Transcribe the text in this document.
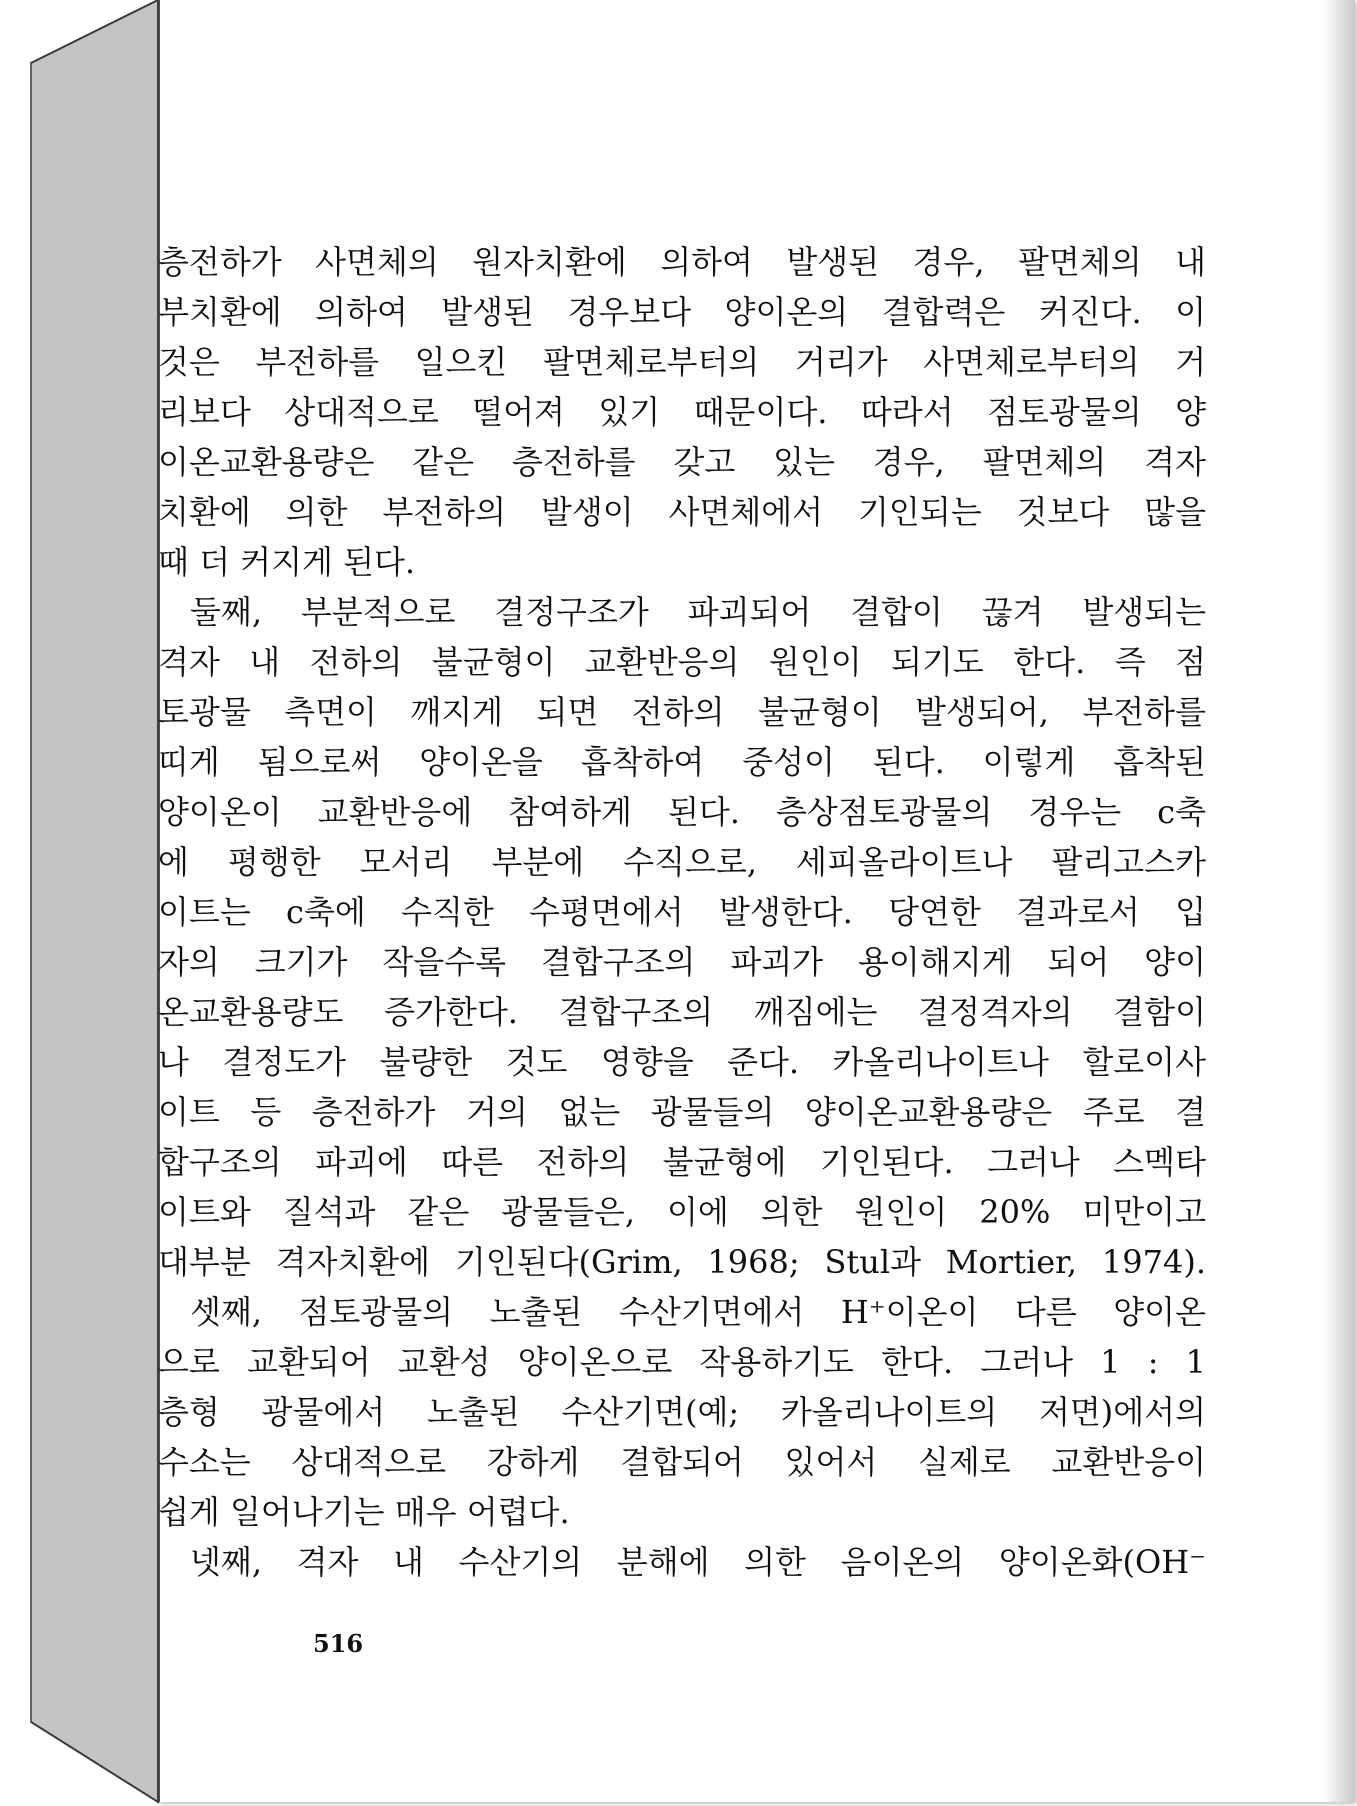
층전하가 사면체의 원자치환에 의하여 발생된 경우, 팔면체의 내
부치환에 의하여 발생된 경우보다 양이온의 결합력은 커진다. 이
것은 부전하를 일으킨 팔면체로부터의 거리가 사면체로부터의 거
리보다 상대적으로 떨어져 있기 때문이다. 따라서 점토광물의 양
이온교환용량은 같은 층전하를 갖고 있는 경우, 팔면체의 격자
치환에 의한 부전하의 발생이 사면체에서 기인되는 것보다 많을
때 더 커지게 된다.
둘째, 부분적으로 결정구조가 파괴되어 결합이 끊겨 발생되는
격자 내 전하의 불균형이 교환반응의 원인이 되기도 한다. 즉 점
토광물 측면이 깨지게 되면 전하의 불균형이 발생되어, 부전하를
띠게 됨으로써 양이온을 흡착하여 중성이 된다. 이렇게 흡착된
양이온이 교환반응에 참여하게 된다. 층상점토광물의 경우는 c축
에 평행한 모서리 부분에 수직으로, 세피올라이트나 팔리고스카
이트는 c축에 수직한 수평면에서 발생한다. 당연한 결과로서 입
자의 크기가 작을수록 결합구조의 파괴가 용이해지게 되어 양이
온교환용량도 증가한다. 결합구조의 깨짐에는 결정격자의 결함이
나 결정도가 불량한 것도 영향을 준다. 카올리나이트나 할로이사
이트 등 층전하가 거의 없는 광물들의 양이온교환용량은 주로 결
합구조의 파괴에 따른 전하의 불균형에 기인된다. 그러나 스멕타
이트와 질석과 같은 광물들은, 이에 의한 원인이 20% 미만이고
대부분 격자치환에 기인된다(Grim, 1968; Stul과 Mortier, 1974).
셋째, 점토광물의 노출된 수산기면에서 H⁺이온이 다른 양이온
으로 교환되어 교환성 양이온으로 작용하기도 한다. 그러나 1 : 1
층형 광물에서 노출된 수산기면(예; 카올리나이트의 저면)에서의
수소는 상대적으로 강하게 결합되어 있어서 실제로 교환반응이
쉽게 일어나기는 매우 어렵다.
넷째, 격자 내 수산기의 분해에 의한 음이온의 양이온화(OH⁻
516
